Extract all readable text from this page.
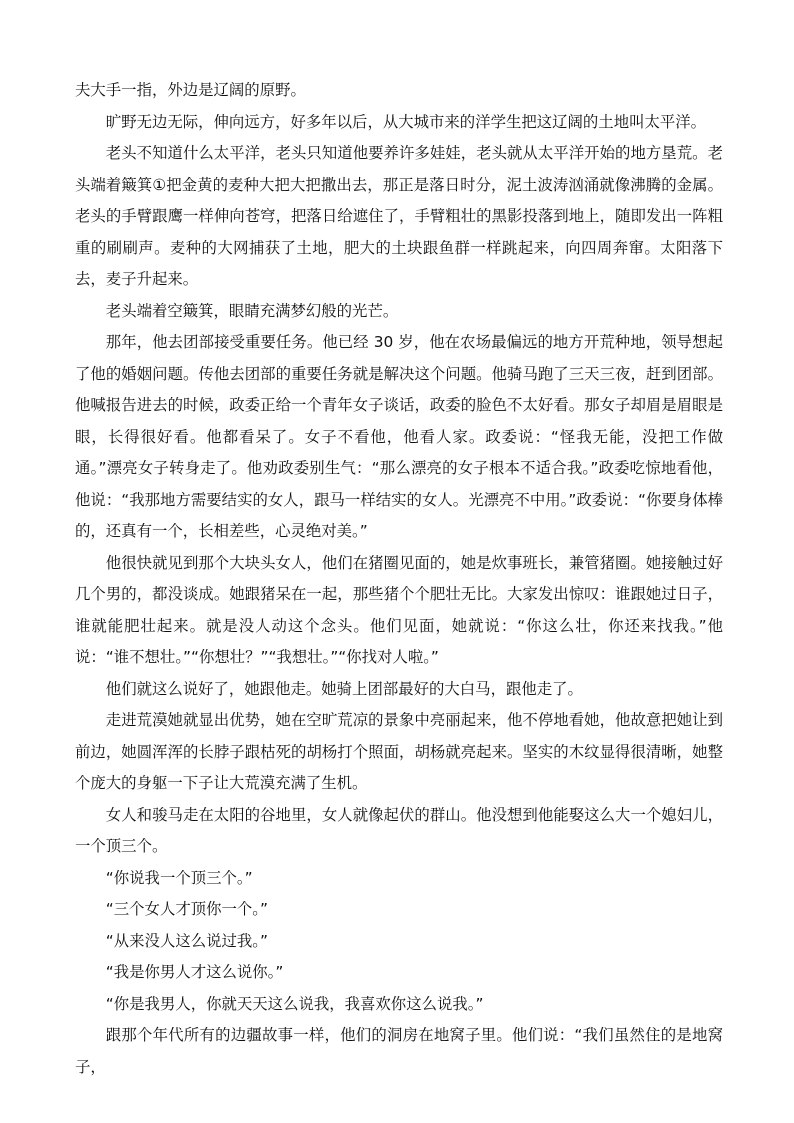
夫大手一指，外边是辽阔的原野。

旷野无边无际，伸向远方，好多年以后，从大城市来的洋学生把这辽阔的土地叫太平洋。

老头不知道什么太平洋，老头只知道他要养许多娃娃，老头就从太平洋开始的地方垦荒。老头端着簸箕①把金黄的麦种大把大把撒出去，那正是落日时分，泥土波涛汹涌就像沸腾的金属。老头的手臂跟鹰一样伸向苍穹，把落日给遮住了，手臂粗壮的黑影投落到地上，随即发出一阵粗重的刷刷声。麦种的大网捕获了土地，肥大的土块跟鱼群一样跳起来，向四周奔窜。太阳落下去，麦子升起来。

老头端着空簸箕，眼睛充满梦幻般的光芒。

那年，他去团部接受重要任务。他已经 30 岁，他在农场最偏远的地方开荒种地，领导想起了他的婚姻问题。传他去团部的重要任务就是解决这个问题。他骑马跑了三天三夜，赶到团部。他喊报告进去的时候，政委正给一个青年女子谈话，政委的脸色不太好看。那女子却眉是眉眼是眼，长得很好看。他都看呆了。女子不看他，他看人家。政委说：“怪我无能，没把工作做通。”漂亮女子转身走了。他劝政委别生气：“那么漂亮的女子根本不适合我。”政委吃惊地看他，他说：“我那地方需要结实的女人，跟马一样结实的女人。光漂亮不中用。”政委说：“你要身体棒的，还真有一个，长相差些，心灵绝对美。”

他很快就见到那个大块头女人，他们在猪圈见面的，她是炊事班长，兼管猪圈。她接触过好几个男的，都没谈成。她跟猪呆在一起，那些猪个个肥壮无比。大家发出惊叹：谁跟她过日子，谁就能肥壮起来。就是没人动这个念头。他们见面，她就说：“你这么壮，你还来找我。”他说：“谁不想壮。”“你想壮？”“我想壮。”“你找对人啦。”

他们就这么说好了，她跟他走。她骑上团部最好的大白马，跟他走了。

走进荒漠她就显出优势，她在空旷荒凉的景象中亮丽起来，他不停地看她，他故意把她让到前边，她圆浑浑的长脖子跟枯死的胡杨打个照面，胡杨就亮起来。坚实的木纹显得很清晰，她整个庞大的身躯一下子让大荒漠充满了生机。

女人和骏马走在太阳的谷地里，女人就像起伏的群山。他没想到他能娶这么大一个媳妇儿，一个顶三个。

“你说我一个顶三个。”

“三个女人才顶你一个。”

“从来没人这么说过我。”

“我是你男人才这么说你。”

“你是我男人，你就天天这么说我，我喜欢你这么说我。”

跟那个年代所有的边疆故事一样，他们的洞房在地窝子里。他们说：“我们虽然住的是地窝子，
